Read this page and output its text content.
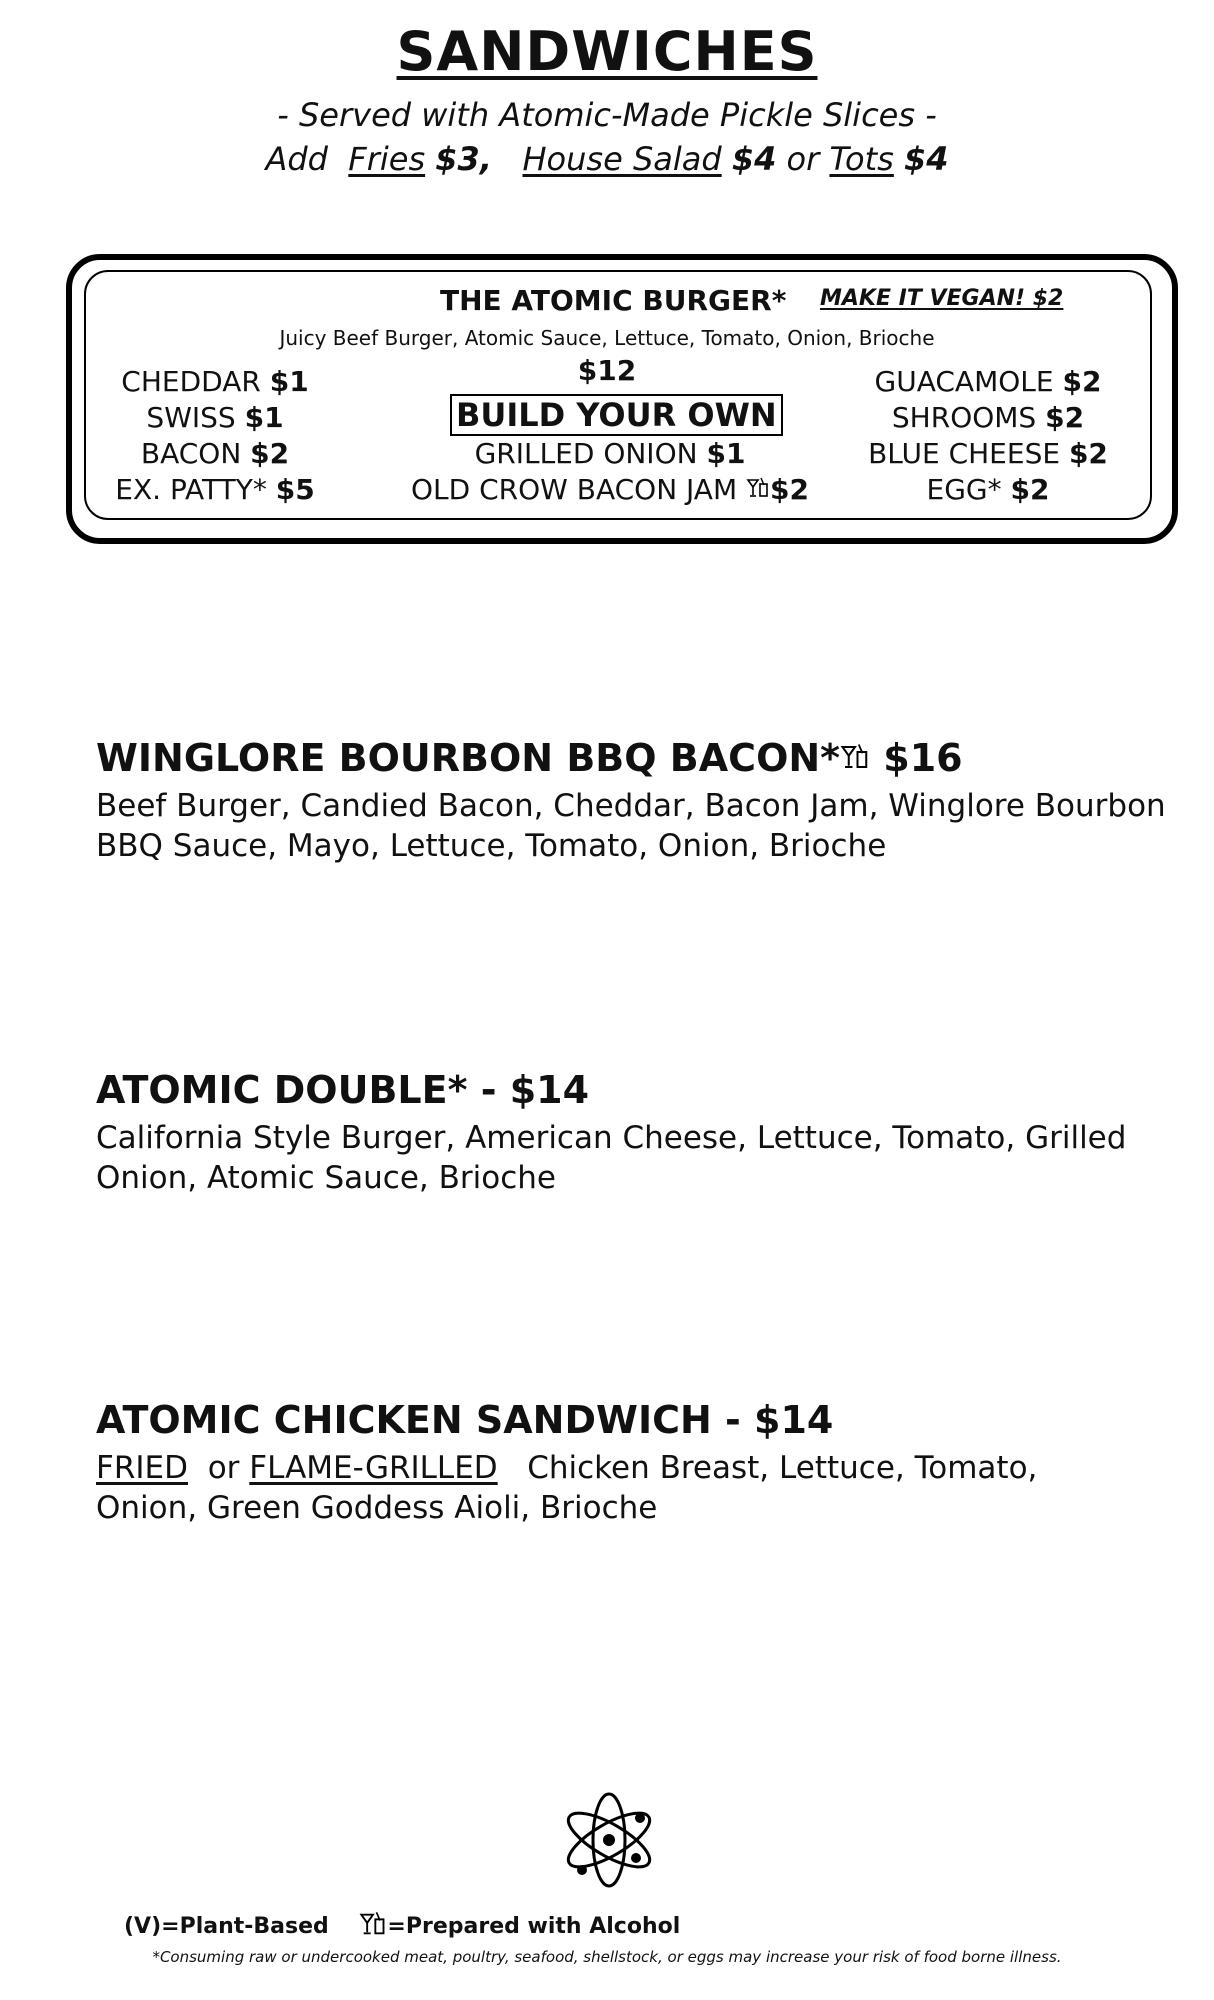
SANDWICHES
- Served with Atomic-Made Pickle Slices -
Add Fries $3, House Salad $4 or Tots $4
THE ATOMIC BURGER* MAKE IT VEGAN! $2
Juicy Beef Burger, Atomic Sauce, Lettuce, Tomato, Onion, Brioche
$12
BUILD YOUR OWN
CHEDDAR $1
SWISS $1
BACON $2
EX. PATTY* $5
GRILLED ONION $1
OLD CROW BACON JAM $2
GUACAMOLE $2
SHROOMS $2
BLUE CHEESE $2
EGG* $2
WINGLORE BOURBON BBQ BACON* $16
Beef Burger, Candied Bacon, Cheddar, Bacon Jam, Winglore Bourbon
BBQ Sauce, Mayo, Lettuce, Tomato, Onion, Brioche
ATOMIC DOUBLE* - $14
California Style Burger, American Cheese, Lettuce, Tomato, Grilled
Onion, Atomic Sauce, Brioche
ATOMIC CHICKEN SANDWICH - $14
FRIED or FLAME-GRILLED Chicken Breast, Lettuce, Tomato,
Onion, Green Goddess Aioli, Brioche
(V)=Plant-Based	=Prepared with Alcohol
*Consuming raw or undercooked meat, poultry, seafood, shellstock, or eggs may increase your risk of food borne illness.
